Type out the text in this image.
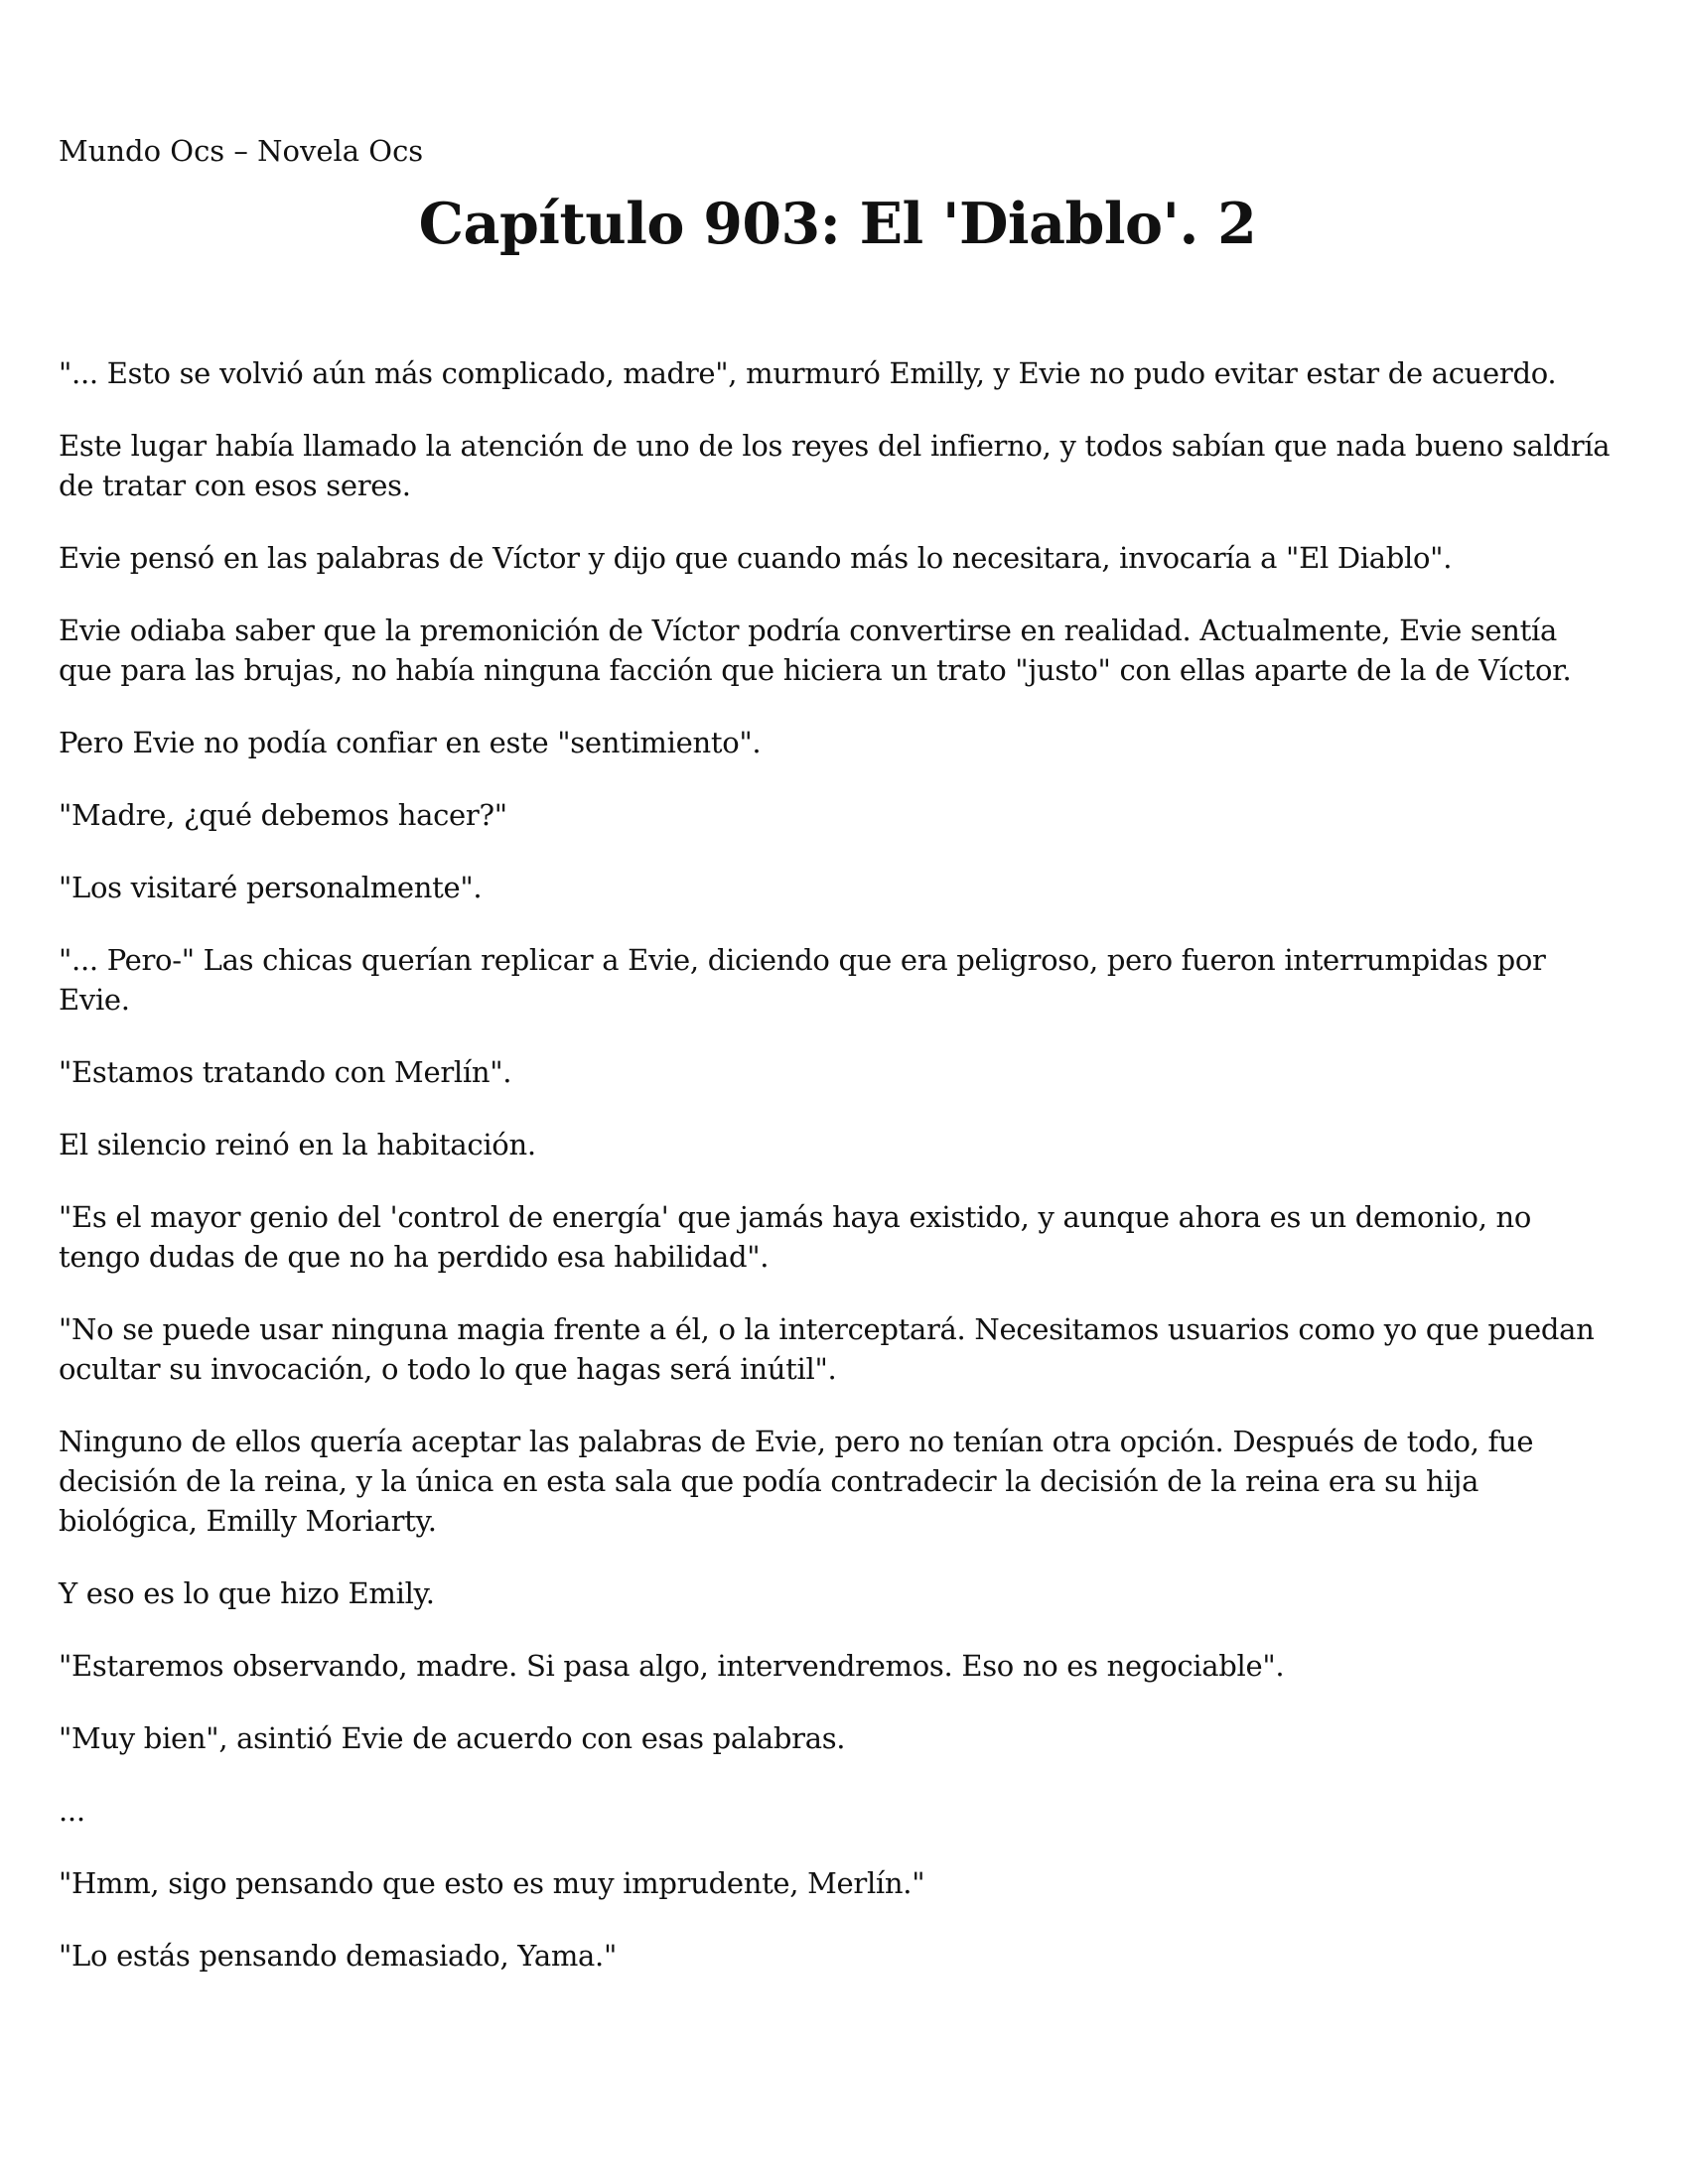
Mundo Ocs – Novela Ocs
Capítulo 903: El 'Diablo'. 2

"... Esto se volvió aún más complicado, madre", murmuró Emilly, y Evie no pudo evitar estar de acuerdo.

Este lugar había llamado la atención de uno de los reyes del infierno, y todos sabían que nada bueno saldría de tratar con esos seres.

Evie pensó en las palabras de Víctor y dijo que cuando más lo necesitara, invocaría a "El Diablo".

Evie odiaba saber que la premonición de Víctor podría convertirse en realidad. Actualmente, Evie sentía que para las brujas, no había ninguna facción que hiciera un trato "justo" con ellas aparte de la de Víctor.

Pero Evie no podía confiar en este "sentimiento".

"Madre, ¿qué debemos hacer?"

"Los visitaré personalmente".

"... Pero-" Las chicas querían replicar a Evie, diciendo que era peligroso, pero fueron interrumpidas por Evie.

"Estamos tratando con Merlín".

El silencio reinó en la habitación.

"Es el mayor genio del 'control de energía' que jamás haya existido, y aunque ahora es un demonio, no tengo dudas de que no ha perdido esa habilidad".

"No se puede usar ninguna magia frente a él, o la interceptará. Necesitamos usuarios como yo que puedan ocultar su invocación, o todo lo que hagas será inútil".

Ninguno de ellos quería aceptar las palabras de Evie, pero no tenían otra opción. Después de todo, fue decisión de la reina, y la única en esta sala que podía contradecir la decisión de la reina era su hija biológica, Emilly Moriarty.

Y eso es lo que hizo Emily.

"Estaremos observando, madre. Si pasa algo, intervendremos. Eso no es negociable".

"Muy bien", asintió Evie de acuerdo con esas palabras.

...

"Hmm, sigo pensando que esto es muy imprudente, Merlín."

"Lo estás pensando demasiado, Yama."
